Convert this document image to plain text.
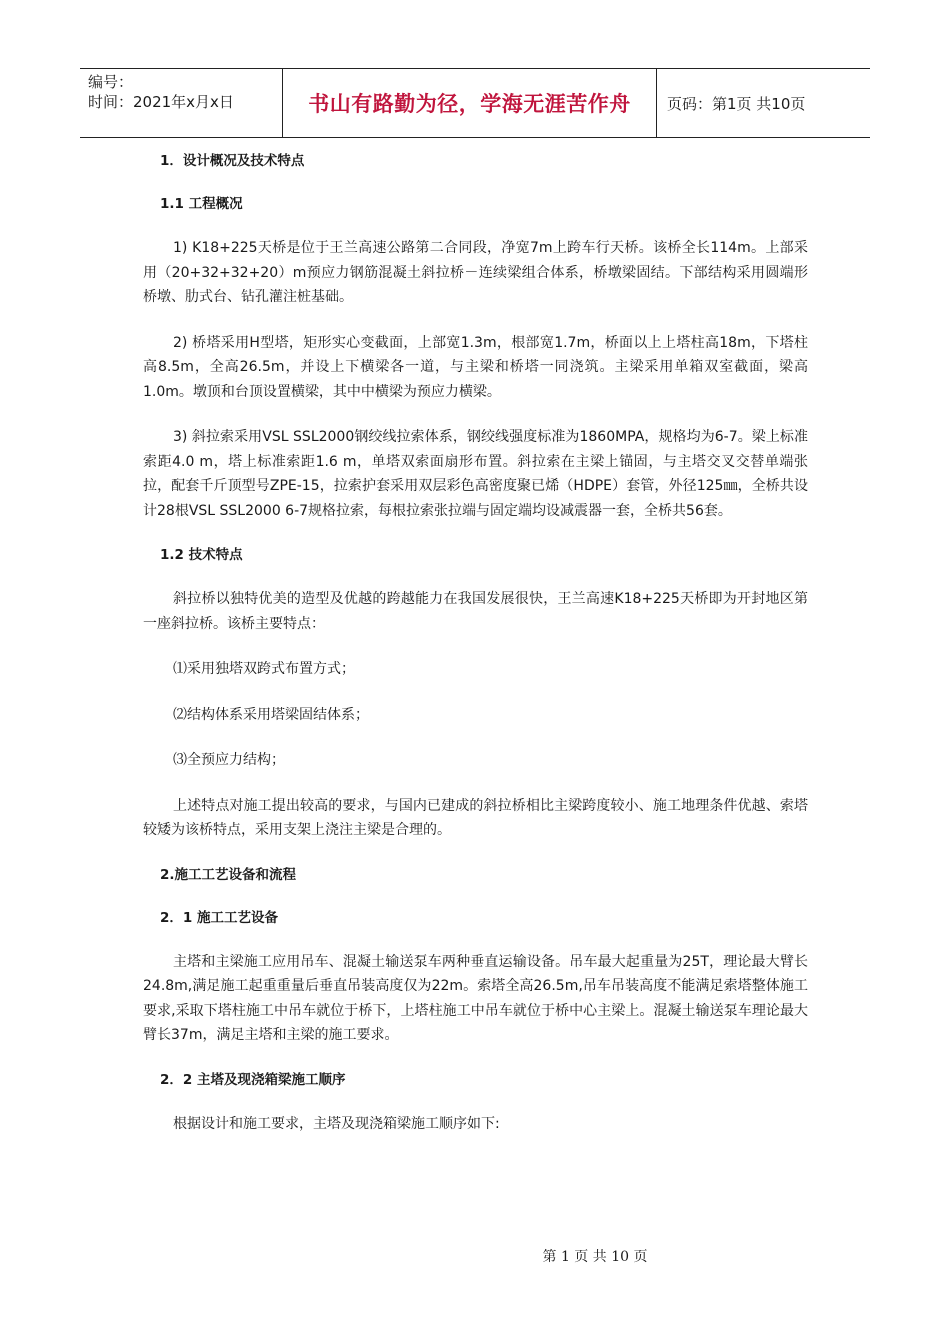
编号：
时间：2021年x月x日	书山有路勤为径，学海无涯苦作舟	页码：第1页 共10页
1．设计概况及技术特点
1.1 工程概况

1) K18+225天桥是位于王兰高速公路第二合同段，净宽7m上跨车行天桥。该桥全长114m。上部采用（20+32+32+20）m预应力钢筋混凝土斜拉桥－连续梁组合体系，桥墩梁固结。下部结构采用圆端形桥墩、肋式台、钻孔灌注桩基础。

2) 桥塔采用H型塔，矩形实心变截面，上部宽1.3m，根部宽1.7m，桥面以上上塔柱高18m，下塔柱高8.5m，全高26.5m，并设上下横梁各一道，与主梁和桥塔一同浇筑。主梁采用单箱双室截面，梁高1.0m。墩顶和台顶设置横梁，其中中横梁为预应力横梁。

3) 斜拉索采用VSL SSL2000钢绞线拉索体系，钢绞线强度标准为1860MPA，规格均为6-7。梁上标准索距4.0 m，塔上标准索距1.6 m，单塔双索面扇形布置。斜拉索在主梁上锚固，与主塔交叉交替单端张拉，配套千斤顶型号ZPE-15，拉索护套采用双层彩色高密度聚已烯（HDPE）套管，外径125㎜，全桥共设计28根VSL SSL2000 6-7规格拉索，每根拉索张拉端与固定端均设减震器一套，全桥共56套。

1.2 技术特点

斜拉桥以独特优美的造型及优越的跨越能力在我国发展很快，王兰高速K18+225天桥即为开封地区第一座斜拉桥。该桥主要特点：

⑴采用独塔双跨式布置方式；

⑵结构体系采用塔梁固结体系；

⑶全预应力结构；

上述特点对施工提出较高的要求，与国内已建成的斜拉桥相比主梁跨度较小、施工地理条件优越、索塔较矮为该桥特点，采用支架上浇注主梁是合理的。

2.施工工艺设备和流程
2．1 施工工艺设备

主塔和主梁施工应用吊车、混凝土输送泵车两种垂直运输设备。吊车最大起重量为25T，理论最大臂长24.8m,满足施工起重重量后垂直吊装高度仅为22m。索塔全高26.5m,吊车吊装高度不能满足索塔整体施工要求,采取下塔柱施工中吊车就位于桥下，上塔柱施工中吊车就位于桥中心主梁上。混凝土输送泵车理论最大臂长37m，满足主塔和主梁的施工要求。

2．2 主塔及现浇箱梁施工顺序

根据设计和施工要求，主塔及现浇箱梁施工顺序如下:

第 1 页 共 10 页
